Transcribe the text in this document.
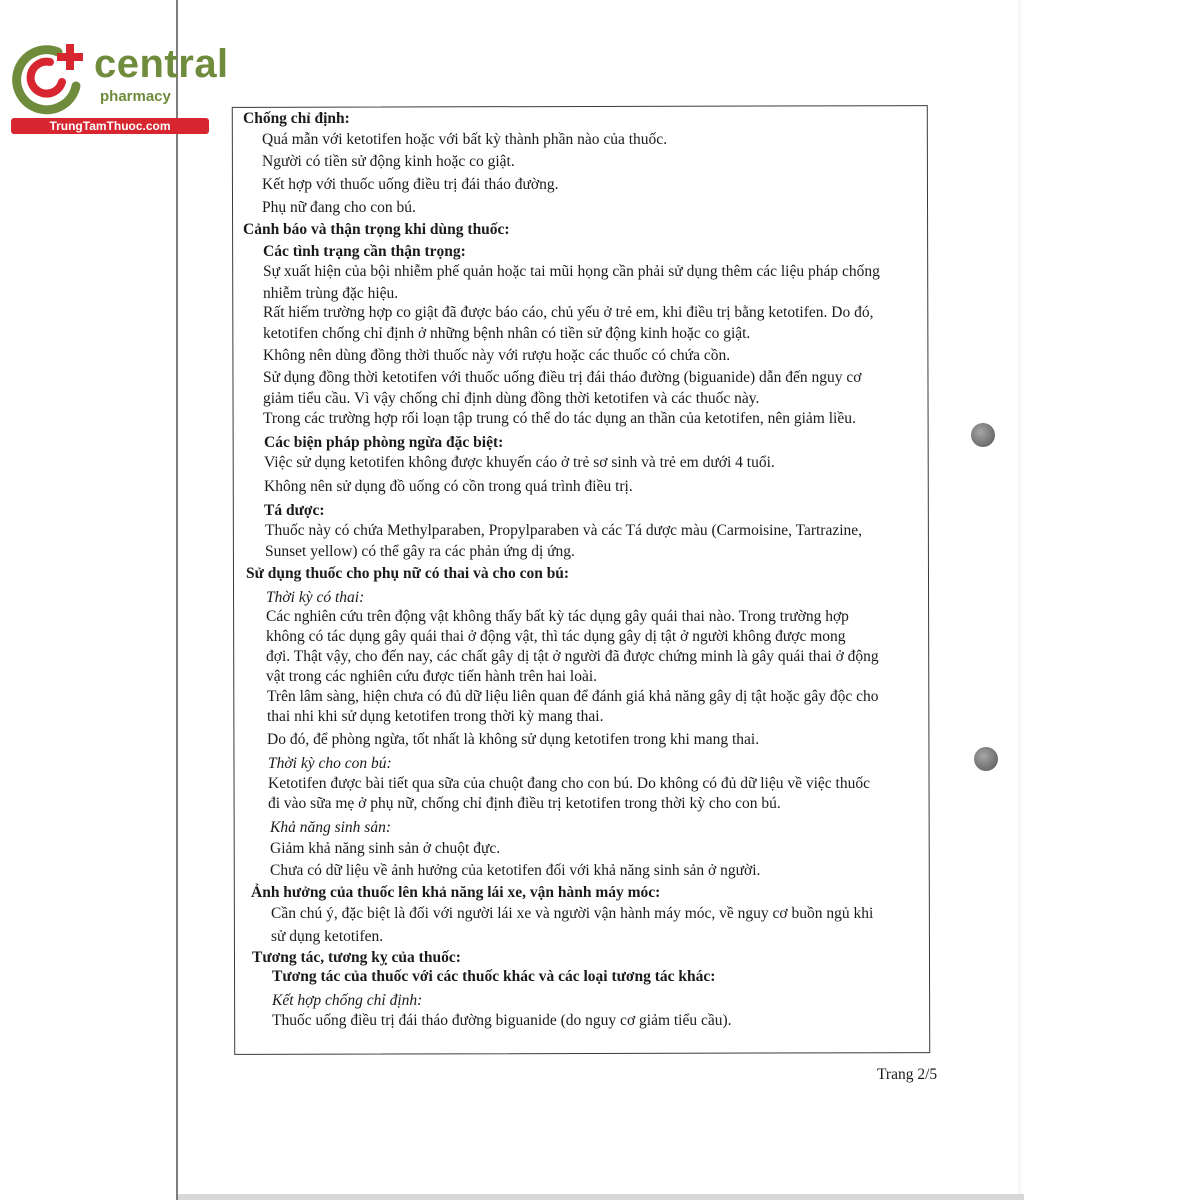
central
pharmacy
TrungTamThuoc.com	Chống chỉ định:
Quá mẫn với ketotifen hoặc với bất kỳ thành phần nào của thuốc.
Người có tiền sử động kinh hoặc co giật.
Kết hợp với thuốc uống điều trị đái tháo đường.
Phụ nữ đang cho con bú.
Cảnh báo và thận trọng khi dùng thuốc:
Các tình trạng cần thận trọng:
Sự xuất hiện của bội nhiễm phế quản hoặc tai mũi họng cần phải sử dụng thêm các liệu pháp chống
nhiễm trùng đặc hiệu.
Rất hiếm trường hợp co giật đã được báo cáo, chủ yếu ở trẻ em, khi điều trị bằng ketotifen. Do đó,
ketotifen chống chỉ định ở những bệnh nhân có tiền sử động kinh hoặc co giật.
Không nên dùng đồng thời thuốc này với rượu hoặc các thuốc có chứa cồn.
Sử dụng đồng thời ketotifen với thuốc uống điều trị đái tháo đường (biguanide) dẫn đến nguy cơ
giảm tiểu cầu. Vì vậy chống chỉ định dùng đồng thời ketotifen và các thuốc này.
Trong các trường hợp rối loạn tập trung có thể do tác dụng an thần của ketotifen, nên giảm liều.
Các biện pháp phòng ngừa đặc biệt:
Việc sử dụng ketotifen không được khuyến cáo ở trẻ sơ sinh và trẻ em dưới 4 tuổi.
Không nên sử dụng đồ uống có cồn trong quá trình điều trị.
Tá dược:
Thuốc này có chứa Methylparaben, Propylparaben và các Tá dược màu (Carmoisine, Tartrazine,
Sunset yellow) có thể gây ra các phản ứng dị ứng.
Sử dụng thuốc cho phụ nữ có thai và cho con bú:
Thời kỳ có thai:
Các nghiên cứu trên động vật không thấy bất kỳ tác dụng gây quái thai nào. Trong trường hợp
không có tác dụng gây quái thai ở động vật, thì tác dụng gây dị tật ở người không được mong
đợi. Thật vậy, cho đến nay, các chất gây dị tật ở người đã được chứng minh là gây quái thai ở động
vật trong các nghiên cứu được tiến hành trên hai loài.
Trên lâm sàng, hiện chưa có đủ dữ liệu liên quan để đánh giá khả năng gây dị tật hoặc gây độc cho
thai nhi khi sử dụng ketotifen trong thời kỳ mang thai.
Do đó, để phòng ngừa, tốt nhất là không sử dụng ketotifen trong khi mang thai.
Thời kỳ cho con bú:
Ketotifen được bài tiết qua sữa của chuột đang cho con bú. Do không có đủ dữ liệu về việc thuốc
đi vào sữa mẹ ở phụ nữ, chống chỉ định điều trị ketotifen trong thời kỳ cho con bú.
Khả năng sinh sản:
Giảm khả năng sinh sản ở chuột đực.
Chưa có dữ liệu về ảnh hưởng của ketotifen đối với khả năng sinh sản ở người.
Ảnh hưởng của thuốc lên khả năng lái xe, vận hành máy móc:
Cần chú ý, đặc biệt là đối với người lái xe và người vận hành máy móc, về nguy cơ buồn ngủ khi
sử dụng ketotifen.
Tương tác, tương kỵ của thuốc:
Tương tác của thuốc với các thuốc khác và các loại tương tác khác:
Kết hợp chống chỉ định:
Thuốc uống điều trị đái tháo đường biguanide (do nguy cơ giảm tiểu cầu).
Trang 2/5
